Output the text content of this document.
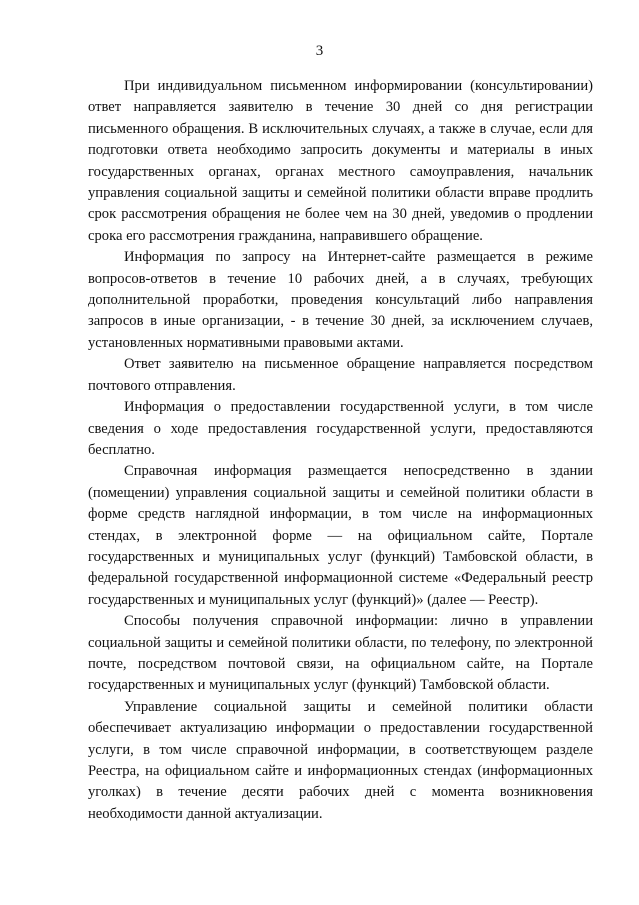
3

При индивидуальном письменном информировании (консультировании) ответ направляется заявителю в течение 30 дней со дня регистрации письменного обращения. В исключительных случаях, а также в случае, если для подготовки ответа необходимо запросить документы и материалы в иных государственных органах, органах местного самоуправления, начальник управления социальной защиты и семейной политики области вправе продлить срок рассмотрения обращения не более чем на 30 дней, уведомив о продлении срока его рассмотрения гражданина, направившего обращение.

Информация по запросу на Интернет-сайте размещается в режиме вопросов-ответов в течение 10 рабочих дней, а в случаях, требующих дополнительной проработки, проведения консультаций либо направления запросов в иные организации, - в течение 30 дней, за исключением случаев, установленных нормативными правовыми актами.

Ответ заявителю на письменное обращение направляется посредством почтового отправления.

Информация о предоставлении государственной услуги, в том числе сведения о ходе предоставления государственной услуги, предоставляются бесплатно.

Справочная информация размещается непосредственно в здании (помещении) управления социальной защиты и семейной политики области в форме средств наглядной информации, в том числе на информационных стендах, в электронной форме — на официальном сайте, Портале государственных и муниципальных услуг (функций) Тамбовской области, в федеральной государственной информационной системе «Федеральный реестр государственных и муниципальных услуг (функций)» (далее — Реестр).

Способы получения справочной информации: лично в управлении социальной защиты и семейной политики области, по телефону, по электронной почте, посредством почтовой связи, на официальном сайте, на Портале государственных и муниципальных услуг (функций) Тамбовской области.

Управление социальной защиты и семейной политики области обеспечивает актуализацию информации о предоставлении государственной услуги, в том числе справочной информации, в соответствующем разделе Реестра, на официальном сайте и информационных стендах (информационных уголках) в течение десяти рабочих дней с момента возникновения необходимости данной актуализации.
